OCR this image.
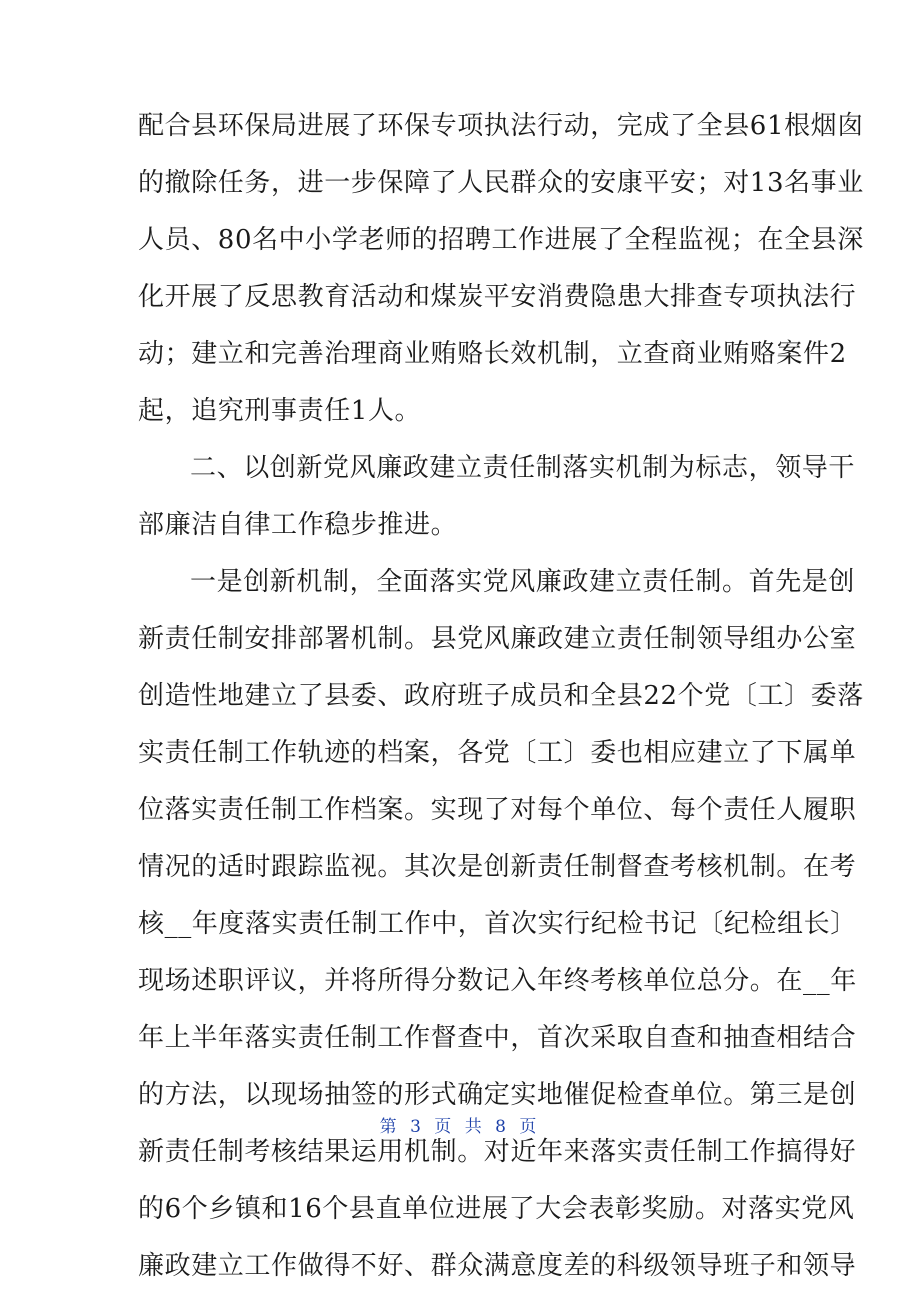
配合县环保局进展了环保专项执法行动，完成了全县61根烟囱
的撤除任务，进一步保障了人民群众的安康平安；对13名事业
人员、80名中小学老师的招聘工作进展了全程监视；在全县深
化开展了反思教育活动和煤炭平安消费隐患大排查专项执法行
动；建立和完善治理商业贿赂长效机制，立查商业贿赂案件2
起，追究刑事责任1人。
二、以创新党风廉政建立责任制落实机制为标志，领导干
部廉洁自律工作稳步推进。
一是创新机制，全面落实党风廉政建立责任制。首先是创
新责任制安排部署机制。县党风廉政建立责任制领导组办公室
创造性地建立了县委、政府班子成员和全县22个党〔工〕委落
实责任制工作轨迹的档案，各党〔工〕委也相应建立了下属单
位落实责任制工作档案。实现了对每个单位、每个责任人履职
情况的适时跟踪监视。其次是创新责任制督查考核机制。在考
核__年度落实责任制工作中，首次实行纪检书记〔纪检组长〕
现场述职评议，并将所得分数记入年终考核单位总分。在__年
年上半年落实责任制工作督查中，首次采取自查和抽查相结合
的方法，以现场抽签的形式确定实地催促检查单位。第三是创
新责任制考核结果运用机制。对近年来落实责任制工作搞得好
的6个乡镇和16个县直单位进展了大会表彰奖励。对落实党风
廉政建立工作做得不好、群众满意度差的科级领导班子和领导
第 3 页 共 8 页
